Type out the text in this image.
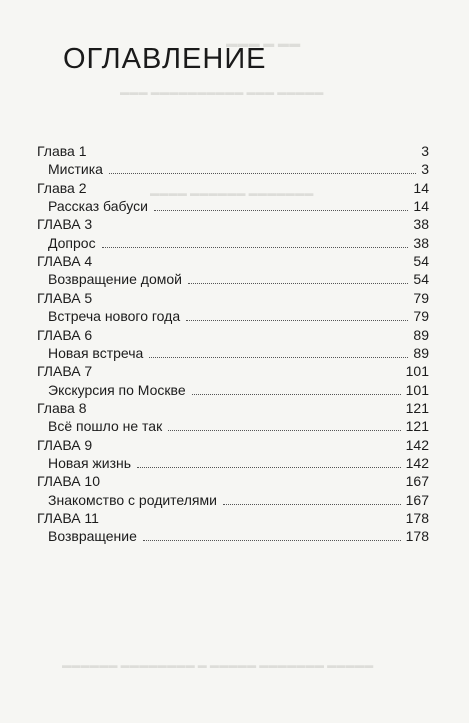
▬▬▬ ▬ ▬▬
▬▬▬ ▬▬▬▬▬▬▬▬▬▬ ▬▬▬ ▬▬▬▬▬
▬▬▬▬ ▬▬▬▬▬▬ ▬▬▬▬▬▬▬
▬▬▬▬▬▬ ▬▬▬▬▬▬▬▬ ▬ ▬▬▬▬▬ ▬▬▬▬▬▬▬ ▬▬▬▬▬
ОГЛАВЛЕНИЕ
Глава 1	3
Мистика	3
Глава 2	14
Рассказ бабуси	14
ГЛАВА 3	38
Допрос	38
ГЛАВА 4	54
Возвращение домой	54
ГЛАВА 5	79
Встреча нового года	79
ГЛАВА 6	89
Новая встреча	89
ГЛАВА 7	101
Экскурсия по Москве	101
Глава 8	121
Всё пошло не так	121
ГЛАВА 9	142
Новая жизнь	142
ГЛАВА 10	167
Знакомство с родителями	167
ГЛАВА 11	178
Возвращение	178
